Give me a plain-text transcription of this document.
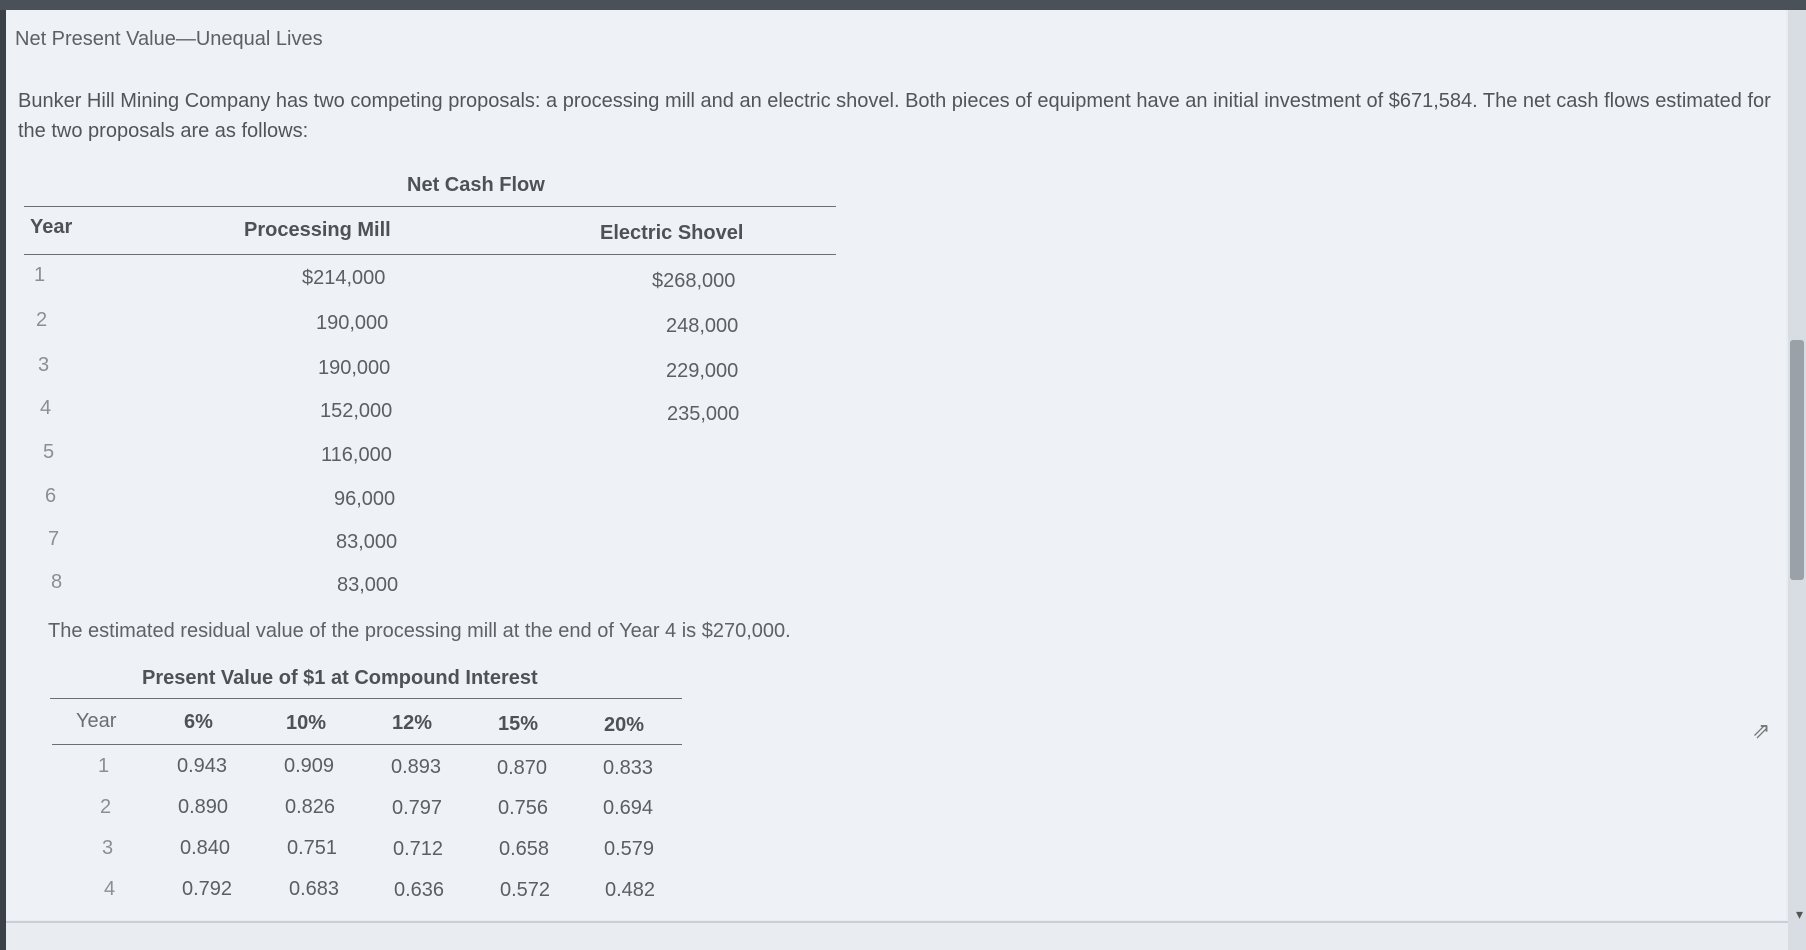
▾
Net Present Value—Unequal Lives
Bunker Hill Mining Company has two competing proposals: a processing mill and an electric shovel. Both pieces of equipment have an initial investment of $671,584. The net cash flows estimated for the two proposals are as follows:
Net Cash Flow
Year	Processing Mill	Electric Shovel
1	$214,000	$268,000
2	190,000	248,000
3	190,000	229,000
4	152,000	235,000
5	116,000
6	96,000
7	83,000
8	83,000
The estimated residual value of the processing mill at the end of Year 4 is $270,000.
Present Value of $1 at Compound Interest
Year	6%	10%	12%	15%	20%
1	0.943	0.909	0.893	0.870	0.833
2	0.890	0.826	0.797	0.756	0.694
3	0.840	0.751	0.712	0.658	0.579
4	0.792	0.683	0.636	0.572	0.482
⇗
